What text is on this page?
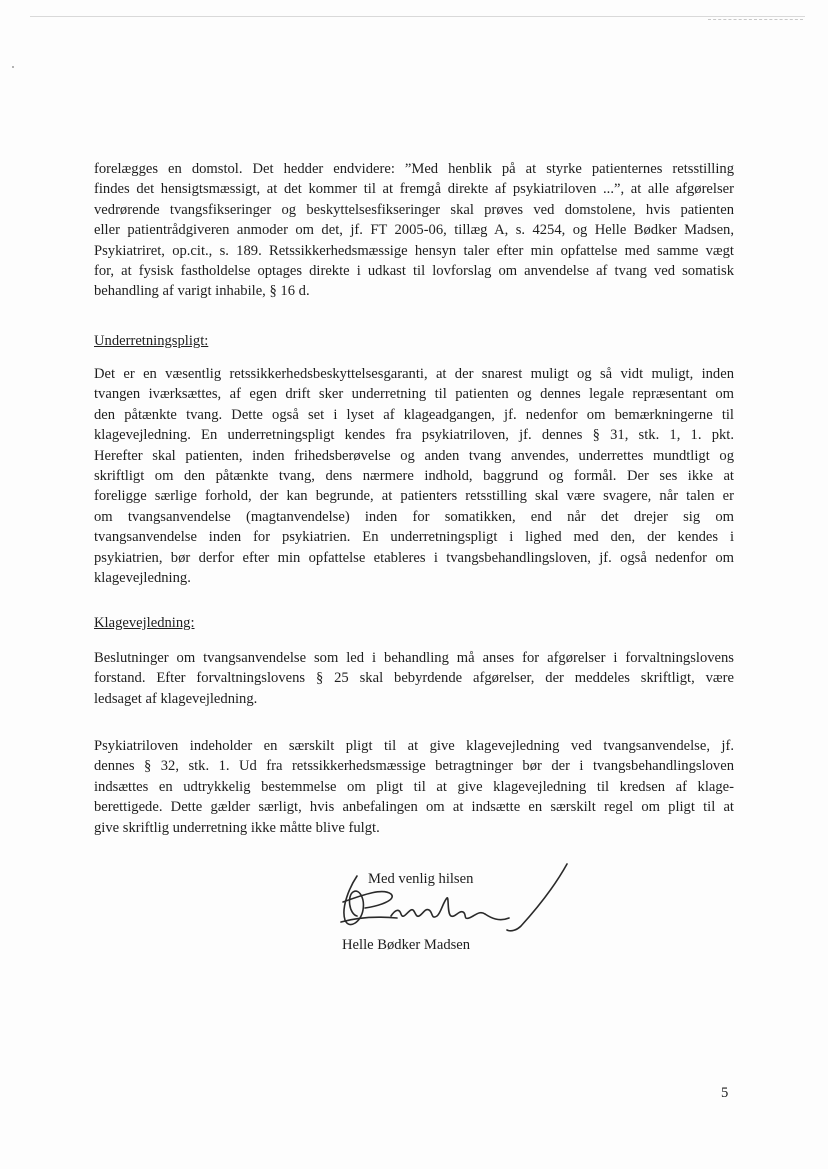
forelægges en domstol. Det hedder endvidere: ”Med henblik på at styrke patienternes retsstilling
findes det hensigtsmæssigt, at det kommer til at fremgå direkte af psykiatriloven ...”, at alle afgørelser
vedrørende tvangsfikseringer og beskyttelsesfikseringer skal prøves ved domstolene, hvis patienten
eller patientrådgiveren anmoder om det, jf. FT 2005-06, tillæg A, s. 4254, og Helle Bødker Madsen,
Psykiatriret, op.cit., s. 189. Retssikkerhedsmæssige hensyn taler efter min opfattelse med samme vægt
for, at fysisk fastholdelse optages direkte i udkast til lovforslag om anvendelse af tvang ved somatisk
behandling af varigt inhabile, § 16 d.

Underretningspligt:

Det er en væsentlig retssikkerhedsbeskyttelsesgaranti, at der snarest muligt og så vidt muligt, inden
tvangen iværksættes, af egen drift sker underretning til patienten og dennes legale repræsentant om
den påtænkte tvang. Dette også set i lyset af klageadgangen, jf. nedenfor om bemærkningerne til
klagevejledning. En underretningspligt kendes fra psykiatriloven, jf. dennes § 31, stk. 1, 1. pkt.
Herefter skal patienten, inden frihedsberøvelse og anden tvang anvendes, underrettes mundtligt og
skriftligt om den påtænkte tvang, dens nærmere indhold, baggrund og formål. Der ses ikke at
foreligge særlige forhold, der kan begrunde, at patienters retsstilling skal være svagere, når talen er
om tvangsanvendelse (magtanvendelse) inden for somatikken, end når det drejer sig om
tvangsanvendelse inden for psykiatrien. En underretningspligt i lighed med den, der kendes i
psykiatrien, bør derfor efter min opfattelse etableres i tvangsbehandlingsloven, jf. også nedenfor om
klagevejledning.

Klagevejledning:

Beslutninger om tvangsanvendelse som led i behandling må anses for afgørelser i forvaltningslovens
forstand. Efter forvaltningslovens § 25 skal bebyrdende afgørelser, der meddeles skriftligt, være
ledsaget af klagevejledning.

Psykiatriloven indeholder en særskilt pligt til at give klagevejledning ved tvangsanvendelse, jf.
dennes § 32, stk. 1. Ud fra retssikkerhedsmæssige betragtninger bør der i tvangsbehandlingsloven
indsættes en udtrykkelig bestemmelse om pligt til at give klagevejledning til kredsen af klage-
berettigede. Dette gælder særligt, hvis anbefalingen om at indsætte en særskilt regel om pligt til at
give skriftlig underretning ikke måtte blive fulgt.

Med venlig hilsen

Helle Bødker Madsen

5
